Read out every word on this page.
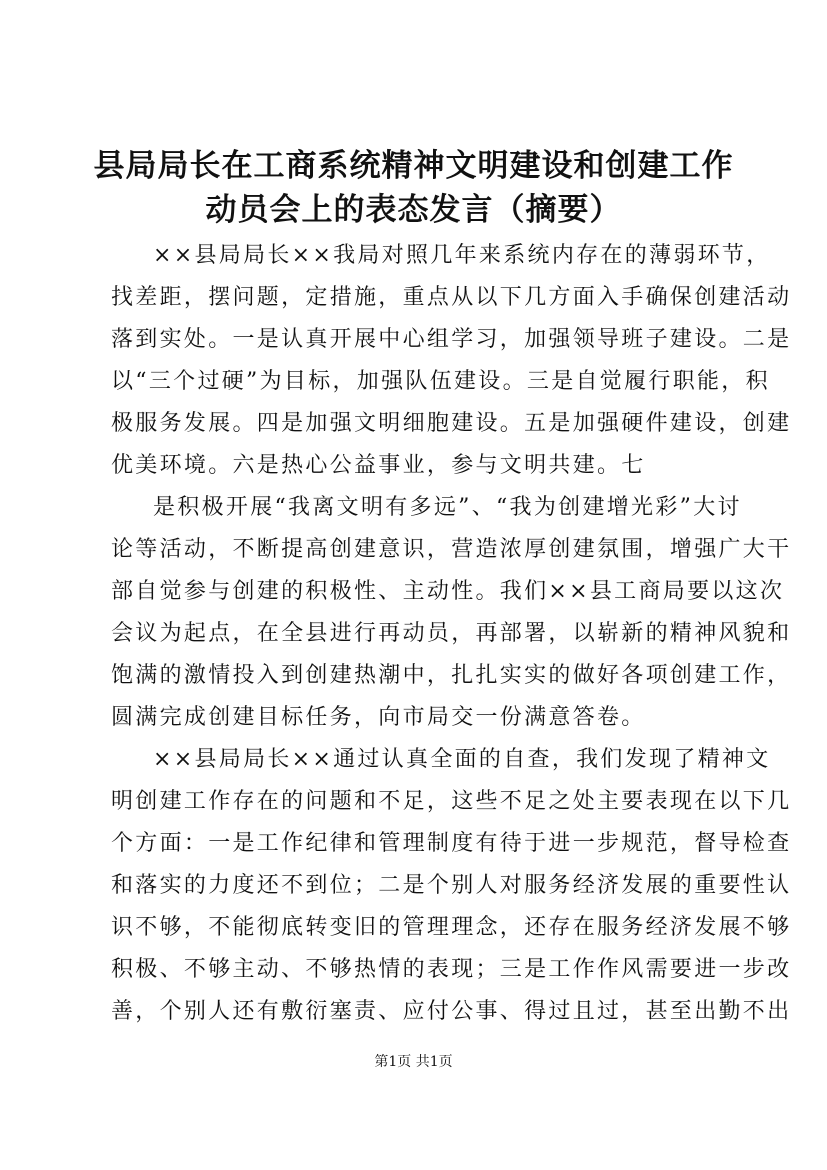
县局局长在工商系统精神文明建设和创建工作
动员会上的表态发言（摘要）
××县局局长××我局对照几年来系统内存在的薄弱环节，
找差距，摆问题，定措施，重点从以下几方面入手确保创建活动
落到实处。一是认真开展中心组学习，加强领导班子建设。二是
以“三个过硬”为目标，加强队伍建设。三是自觉履行职能，积
极服务发展。四是加强文明细胞建设。五是加强硬件建设，创建
优美环境。六是热心公益事业，参与文明共建。七
是积极开展“我离文明有多远”、“我为创建增光彩”大讨
论等活动，不断提高创建意识，营造浓厚创建氛围，增强广大干
部自觉参与创建的积极性、主动性。我们××县工商局要以这次
会议为起点，在全县进行再动员，再部署，以崭新的精神风貌和
饱满的激情投入到创建热潮中，扎扎实实的做好各项创建工作，
圆满完成创建目标任务，向市局交一份满意答卷。
××县局局长××通过认真全面的自查，我们发现了精神文
明创建工作存在的问题和不足，这些不足之处主要表现在以下几
个方面：一是工作纪律和管理制度有待于进一步规范，督导检查
和落实的力度还不到位；二是个别人对服务经济发展的重要性认
识不够，不能彻底转变旧的管理理念，还存在服务经济发展不够
积极、不够主动、不够热情的表现；三是工作作风需要进一步改
善，个别人还有敷衍塞责、应付公事、得过且过，甚至出勤不出
第1页 共1页
